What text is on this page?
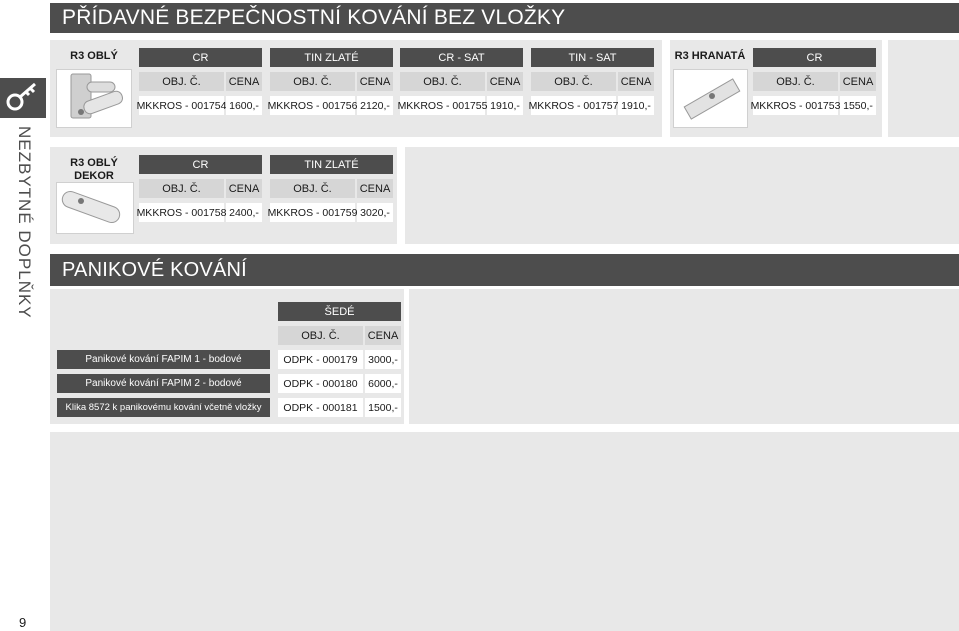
NEZBYTNÉ DOPLŇKY
9
PŘÍDAVNÉ BEZPEČNOSTNÍ KOVÁNÍ BEZ VLOŽKY
R3 OBLÝ	R3 HRANATÁ
CR	TIN ZLATÉ	CR - SAT	TIN - SAT
OBJ. Č.	CENA	OBJ. Č.	CENA	OBJ. Č.	CENA	OBJ. Č.	CENA
MKKROS - 001754 1600,- MKKROS - 001756 2120,- MKKROS - 001755 1910,- MKKROS - 001757 1910,-
CR
OBJ. Č.	CENA
MKKROS - 001753 1550,-
R3 OBLÝ
DEKOR
CR	TIN ZLATÉ
OBJ. Č.	CENA	OBJ. Č.	CENA
MKKROS - 001758 2400,- MKKROS - 001759 3020,-
PANIKOVÉ KOVÁNÍ
ŠEDÉ
OBJ. Č.	CENA
Panikové kování FAPIM 1 - bodové	ODPK - 000179	3000,-
Panikové kování FAPIM 2 - bodové	ODPK - 000180	6000,-
Klika 8572 k panikovému kování včetně vložky	ODPK - 000181	1500,-
